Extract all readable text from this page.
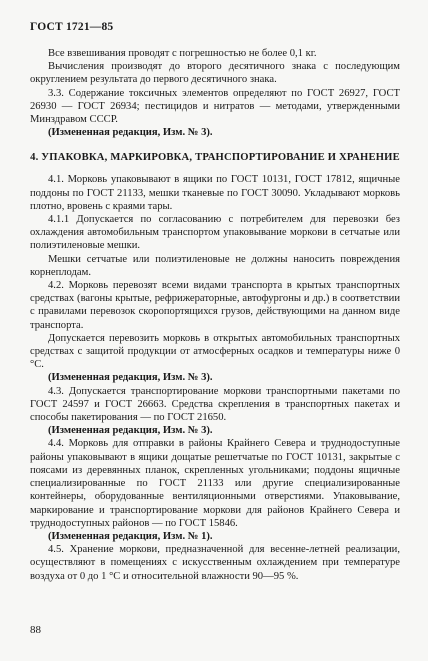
ГОСТ 1721—85

Все взвешивания проводят с погрешностью не более 0,1 кг.

Вычисления производят до второго десятичного знака с последующим округлением результата до первого десятичного знака.

3.3. Содержание токсичных элементов определяют по ГОСТ 26927, ГОСТ 26930 — ГОСТ 26934; пестицидов и нитратов — методами, утвержденными Минздравом СССР.

(Измененная редакция, Изм. № 3).

4. УПАКОВКА, МАРКИРОВКА, ТРАНСПОРТИРОВАНИЕ И ХРАНЕНИЕ

4.1. Морковь упаковывают в ящики по ГОСТ 10131, ГОСТ 17812, ящичные поддоны по ГОСТ 21133, мешки тканевые по ГОСТ 30090. Укладывают морковь плотно, вровень с краями тары.

4.1.1 Допускается по согласованию с потребителем для перевозки без охлаждения автомобильным транспортом упаковывание моркови в сетчатые или полиэтиленовые мешки.

Мешки сетчатые или полиэтиленовые не должны наносить повреждения корнеплодам.

4.2. Морковь перевозят всеми видами транспорта в крытых транспортных средствах (вагоны крытые, рефрижераторные, автофургоны и др.) в соответствии с правилами перевозок скоропортящихся грузов, действующими на данном виде транспорта.

Допускается перевозить морковь в открытых автомобильных транспортных средствах с защитой продукции от атмосферных осадков и температуры ниже 0 °С.

(Измененная редакция, Изм. № 3).

4.3. Допускается транспортирование моркови транспортными пакетами по ГОСТ 24597 и ГОСТ 26663. Средства скрепления в транспортных пакетах и способы пакетирования — по ГОСТ 21650.

(Измененная редакция, Изм. № 3).

4.4. Морковь для отправки в районы Крайнего Севера и труднодоступные районы упаковывают в ящики дощатые решетчатые по ГОСТ 10131, закрытые с поясами из деревянных планок, скрепленных угольниками; поддоны ящичные специализированные по ГОСТ 21133 или другие специализированные контейнеры, оборудованные вентиляционными отверстиями. Упаковывание, маркирование и транспортирование моркови для районов Крайнего Севера и труднодоступных районов — по ГОСТ 15846.

(Измененная редакция, Изм. № 1).

4.5. Хранение моркови, предназначенной для весенне-летней реализации, осуществляют в помещениях с искусственным охлаждением при температуре воздуха от 0 до 1 °С и относительной влажности 90—95 %.

88
